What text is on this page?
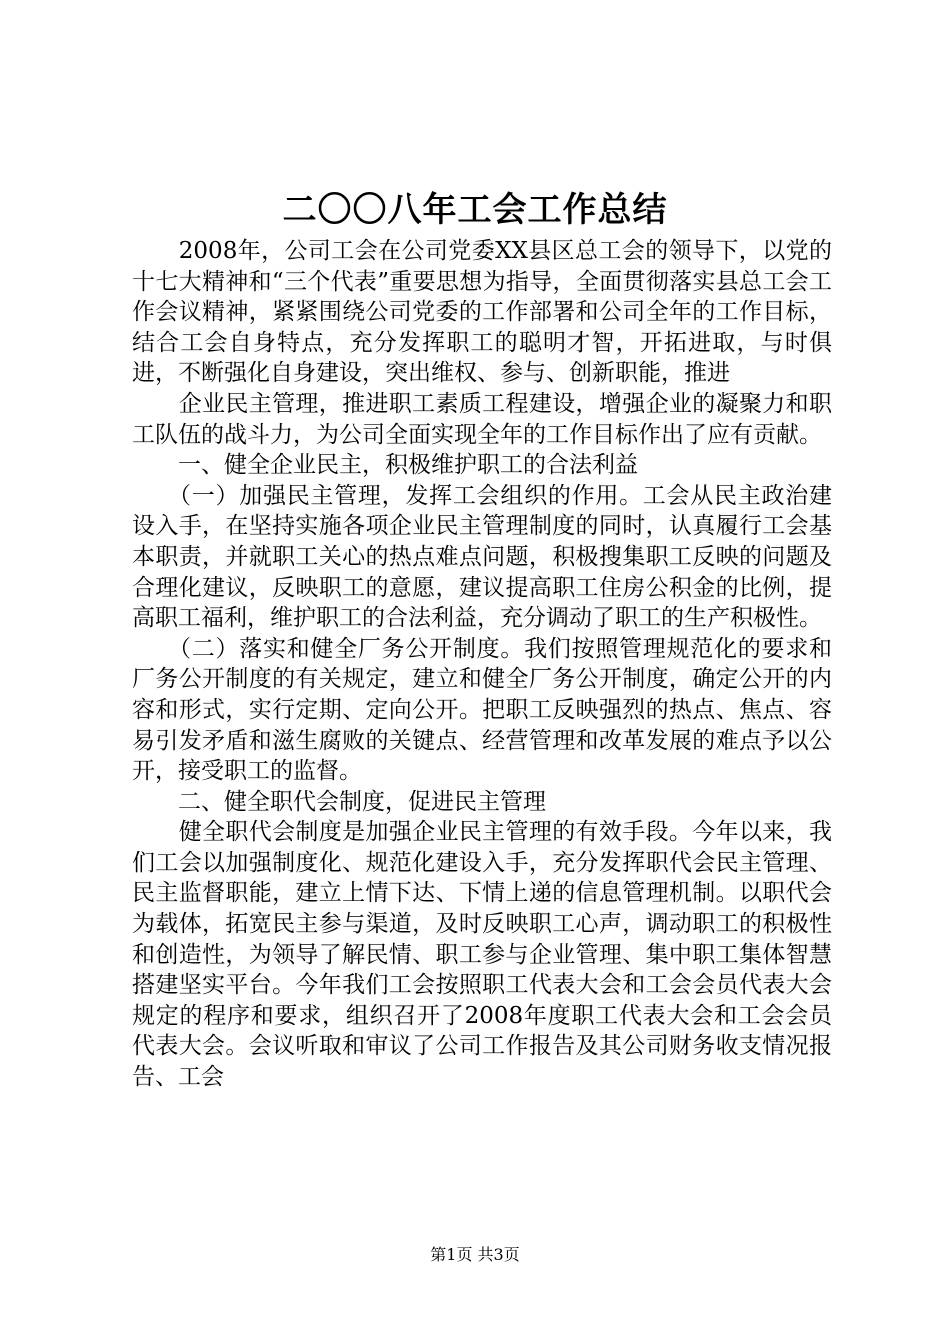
二〇〇八年工会工作总结

　　2008年，公司工会在公司党委XX县区总工会的领导下，以党的十七大精神和“三个代表”重要思想为指导，全面贯彻落实县总工会工作会议精神，紧紧围绕公司党委的工作部署和公司全年的工作目标，结合工会自身特点，充分发挥职工的聪明才智，开拓进取，与时俱进，不断强化自身建设，突出维权、参与、创新职能，推进

　　企业民主管理，推进职工素质工程建设，增强企业的凝聚力和职工队伍的战斗力，为公司全面实现全年的工作目标作出了应有贡献。

　　一、健全企业民主，积极维护职工的合法利益

　　（一）加强民主管理，发挥工会组织的作用。工会从民主政治建设入手，在坚持实施各项企业民主管理制度的同时，认真履行工会基本职责，并就职工关心的热点难点问题，积极搜集职工反映的问题及合理化建议，反映职工的意愿，建议提高职工住房公积金的比例，提高职工福利，维护职工的合法利益，充分调动了职工的生产积极性。

　　（二）落实和健全厂务公开制度。我们按照管理规范化的要求和厂务公开制度的有关规定，建立和健全厂务公开制度，确定公开的内容和形式，实行定期、定向公开。把职工反映强烈的热点、焦点、容易引发矛盾和滋生腐败的关键点、经营管理和改革发展的难点予以公开，接受职工的监督。

　　二、健全职代会制度，促进民主管理

　　健全职代会制度是加强企业民主管理的有效手段。今年以来，我们工会以加强制度化、规范化建设入手，充分发挥职代会民主管理、民主监督职能，建立上情下达、下情上递的信息管理机制。以职代会为载体，拓宽民主参与渠道，及时反映职工心声，调动职工的积极性和创造性，为领导了解民情、职工参与企业管理、集中职工集体智慧搭建坚实平台。今年我们工会按照职工代表大会和工会会员代表大会规定的程序和要求，组织召开了2008年度职工代表大会和工会会员代表大会。会议听取和审议了公司工作报告及其公司财务收支情况报告、工会

第1页 共3页
